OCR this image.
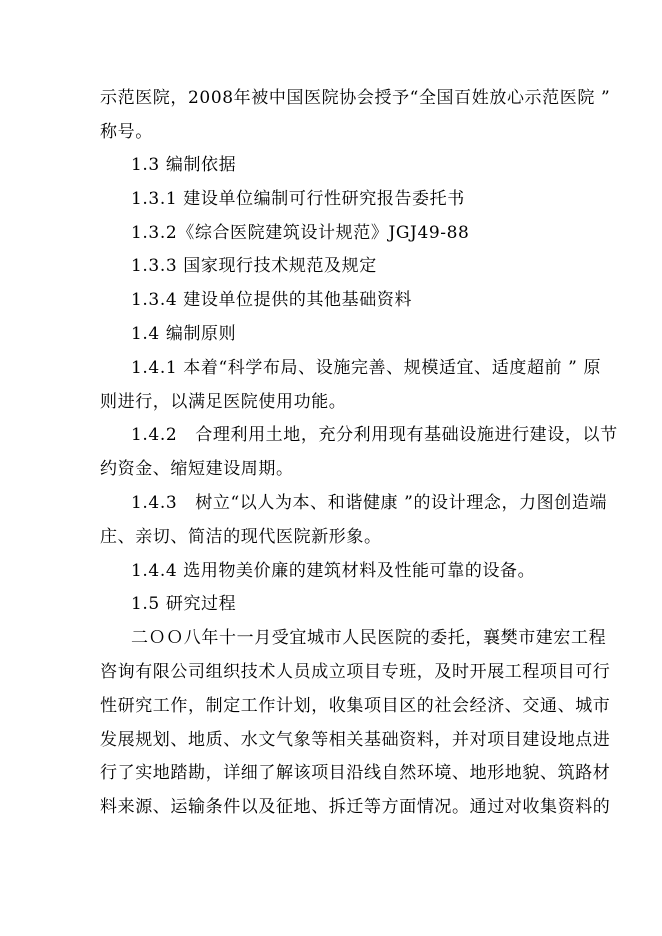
示范医院，2008年被中国医院协会授予“全国百姓放心示范医院 ”
称号。
1.3 编制依据
1.3.1 建设单位编制可行性研究报告委托书
1.3.2《综合医院建筑设计规范》JGJ49-88
1.3.3 国家现行技术规范及规定
1.3.4 建设单位提供的其他基础资料
1.4 编制原则
1.4.1 本着“科学布局、设施完善、规模适宜、适度超前 ” 原
则进行，以满足医院使用功能。
1.4.2   合理利用土地，充分利用现有基础设施进行建设，以节
约资金、缩短建设周期。
1.4.3   树立“以人为本、和谐健康 ”的设计理念，力图创造端
庄、亲切、简洁的现代医院新形象。
1.4.4 选用物美价廉的建筑材料及性能可靠的设备。
1.5 研究过程
二ＯＯ八年十一月受宜城市人民医院的委托，襄樊市建宏工程
咨询有限公司组织技术人员成立项目专班，及时开展工程项目可行
性研究工作，制定工作计划，收集项目区的社会经济、交通、城市
发展规划、地质、水文气象等相关基础资料，并对项目建设地点进
行了实地踏勘，详细了解该项目沿线自然环境、地形地貌、筑路材
料来源、运输条件以及征地、拆迁等方面情况。通过对收集资料的
